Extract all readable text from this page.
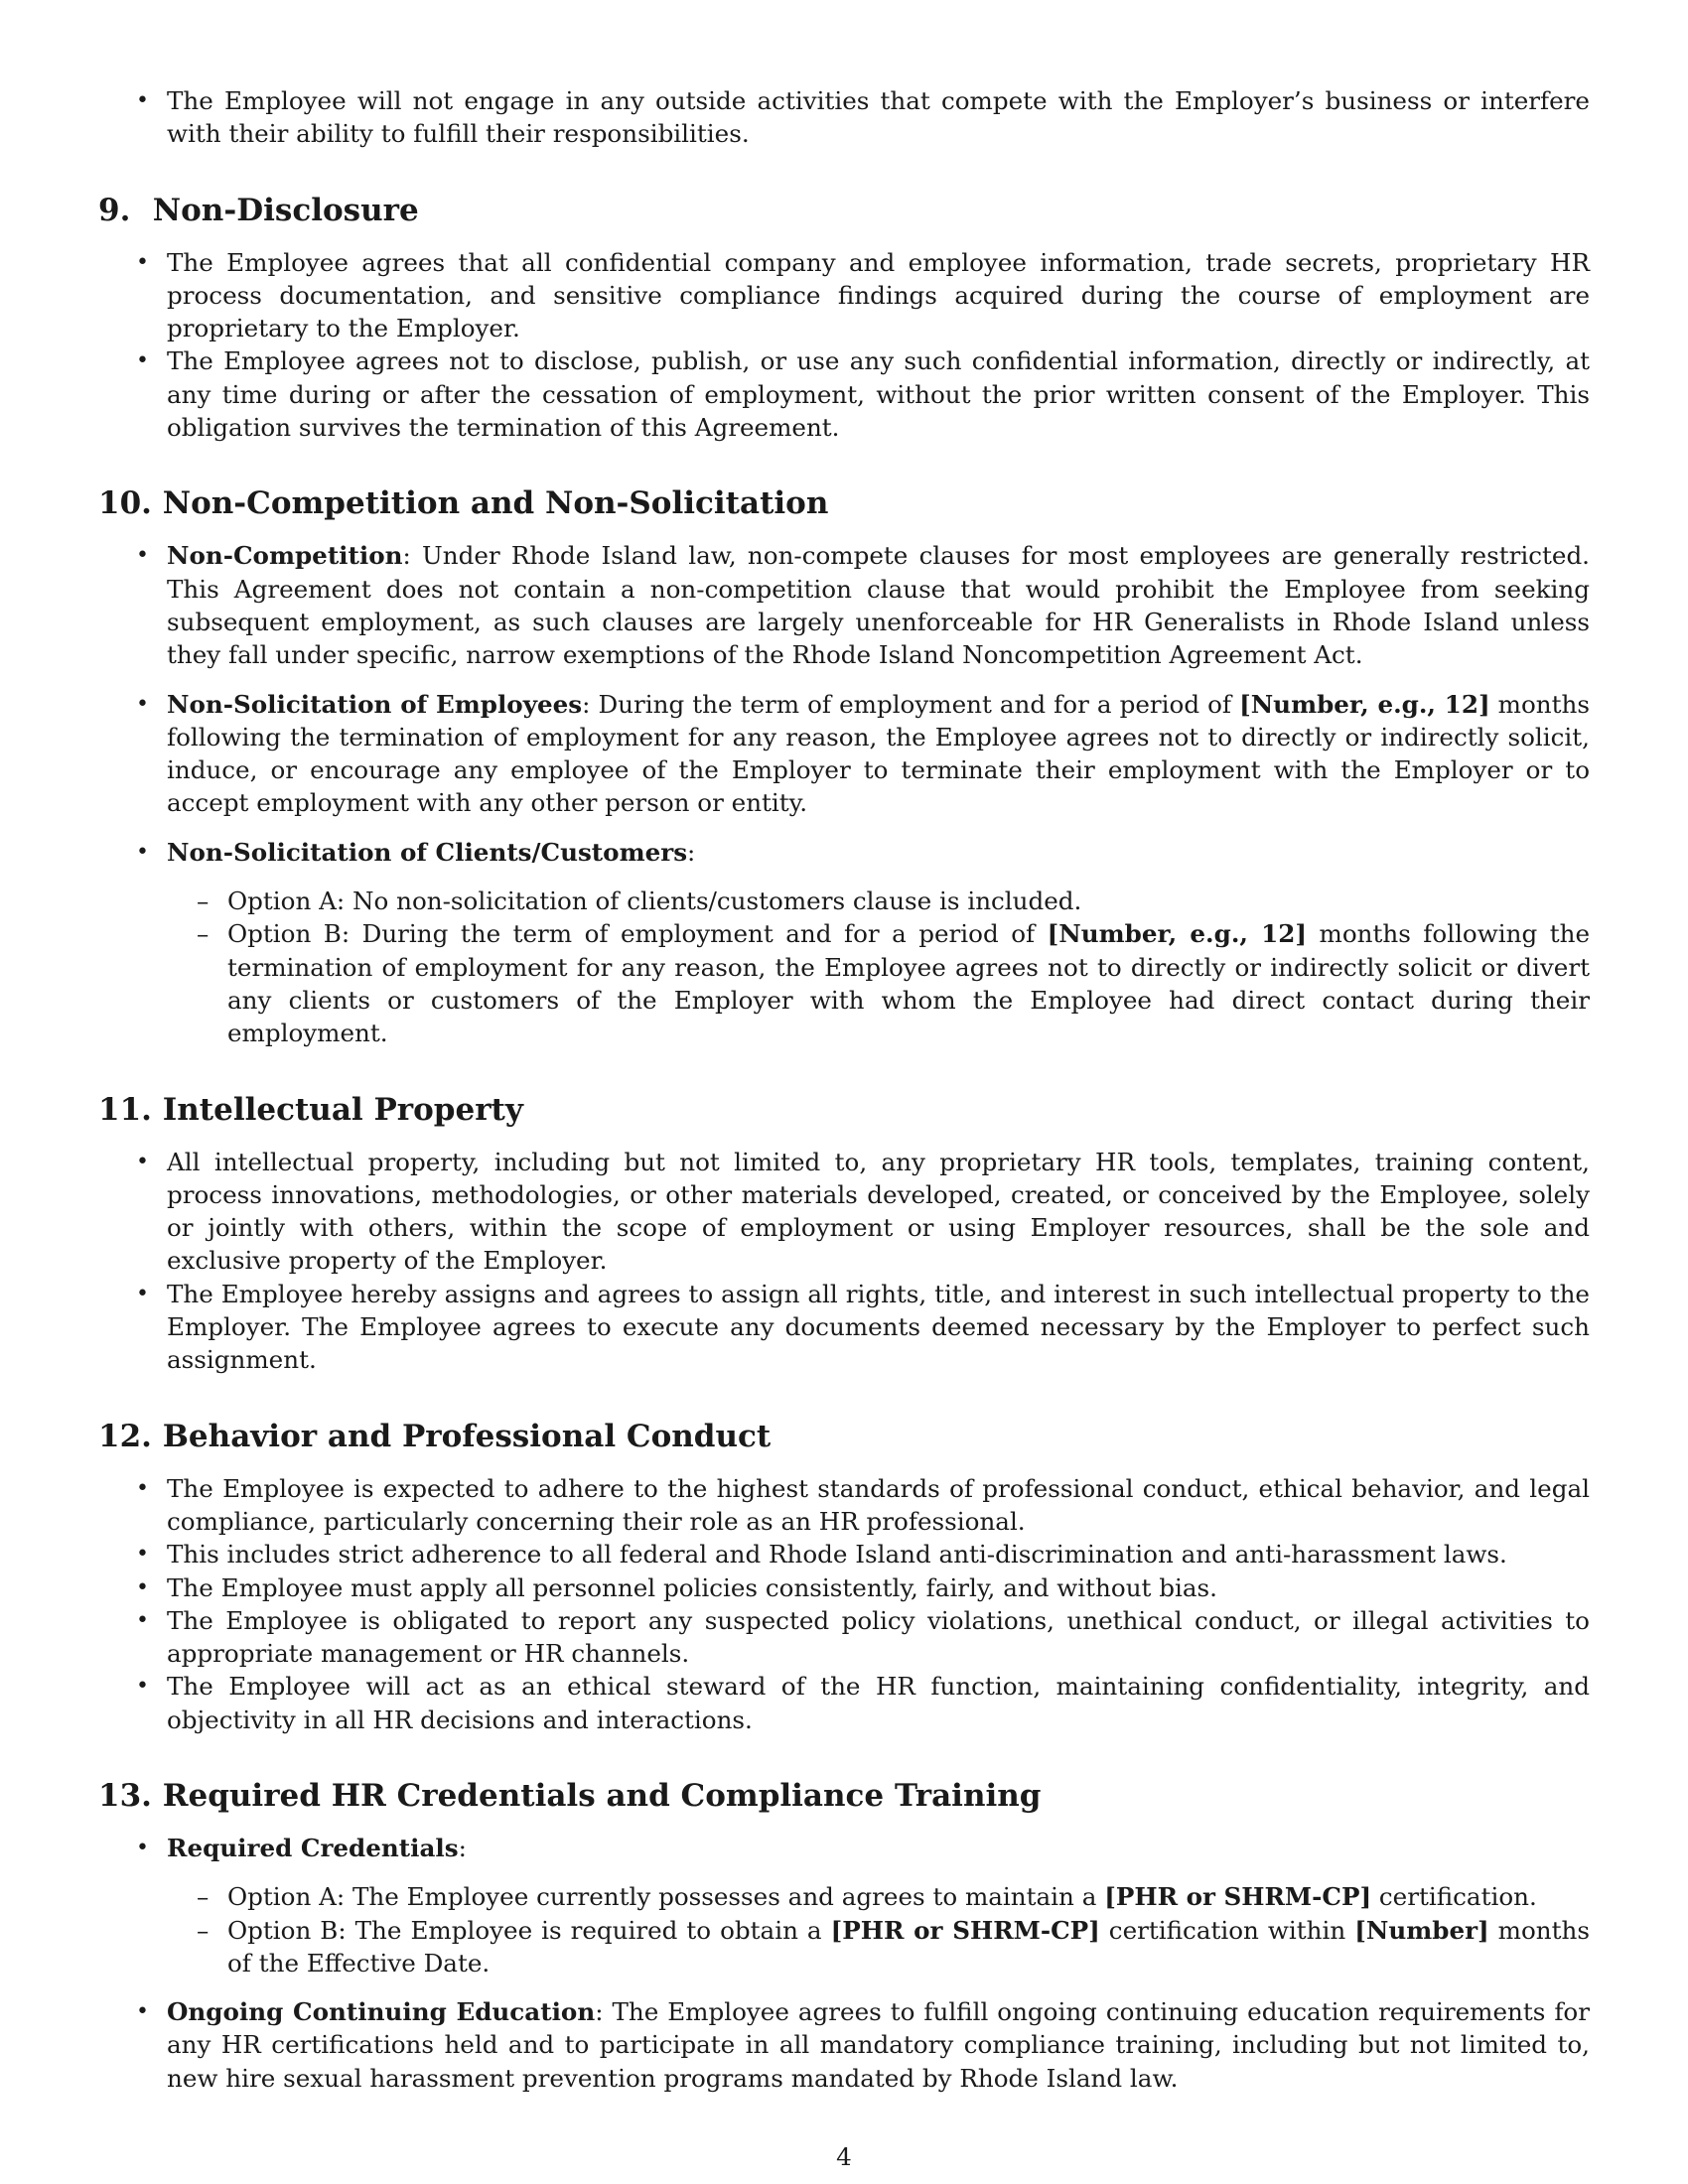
• The Employee will not engage in any outside activities that compete with the Employer’s business or interfere with their ability to fulfill their responsibilities.
9. Non-Disclosure
• The Employee agrees that all confidential company and employee information, trade secrets, proprietary HR process documentation, and sensitive compliance findings acquired during the course of employment are proprietary to the Employer.
• The Employee agrees not to disclose, publish, or use any such confidential information, directly or indirectly, at any time during or after the cessation of employment, without the prior written consent of the Employer. This obligation survives the termination of this Agreement.
10. Non-Competition and Non-Solicitation
• Non-Competition: Under Rhode Island law, non-compete clauses for most employees are generally restricted. This Agreement does not contain a non-competition clause that would prohibit the Employee from seeking subsequent employment, as such clauses are largely unenforceable for HR Generalists in Rhode Island unless they fall under specific, narrow exemptions of the Rhode Island Noncompetition Agreement Act.
• Non-Solicitation of Employees: During the term of employment and for a period of [Number, e.g., 12] months following the termination of employment for any reason, the Employee agrees not to directly or indirectly solicit, induce, or encourage any employee of the Employer to terminate their employment with the Employer or to accept employment with any other person or entity.
• Non-Solicitation of Clients/Customers:
– Option A: No non-solicitation of clients/customers clause is included.
– Option B: During the term of employment and for a period of [Number, e.g., 12] months following the termination of employment for any reason, the Employee agrees not to directly or indirectly solicit or divert any clients or customers of the Employer with whom the Employee had direct contact during their employment.
11. Intellectual Property
• All intellectual property, including but not limited to, any proprietary HR tools, templates, training content, process innovations, methodologies, or other materials developed, created, or conceived by the Employee, solely or jointly with others, within the scope of employment or using Employer resources, shall be the sole and exclusive property of the Employer.
• The Employee hereby assigns and agrees to assign all rights, title, and interest in such intellectual property to the Employer. The Employee agrees to execute any documents deemed necessary by the Employer to perfect such assignment.
12. Behavior and Professional Conduct
• The Employee is expected to adhere to the highest standards of professional conduct, ethical behavior, and legal compliance, particularly concerning their role as an HR professional.
• This includes strict adherence to all federal and Rhode Island anti-discrimination and anti-harassment laws.
• The Employee must apply all personnel policies consistently, fairly, and without bias.
• The Employee is obligated to report any suspected policy violations, unethical conduct, or illegal activities to appropriate management or HR channels.
• The Employee will act as an ethical steward of the HR function, maintaining confidentiality, integrity, and objectivity in all HR decisions and interactions.
13. Required HR Credentials and Compliance Training
• Required Credentials:
– Option A: The Employee currently possesses and agrees to maintain a [PHR or SHRM-CP] certification.
– Option B: The Employee is required to obtain a [PHR or SHRM-CP] certification within [Number] months of the Effective Date.
• Ongoing Continuing Education: The Employee agrees to fulfill ongoing continuing education requirements for any HR certifications held and to participate in all mandatory compliance training, including but not limited to, new hire sexual harassment prevention programs mandated by Rhode Island law.
4
